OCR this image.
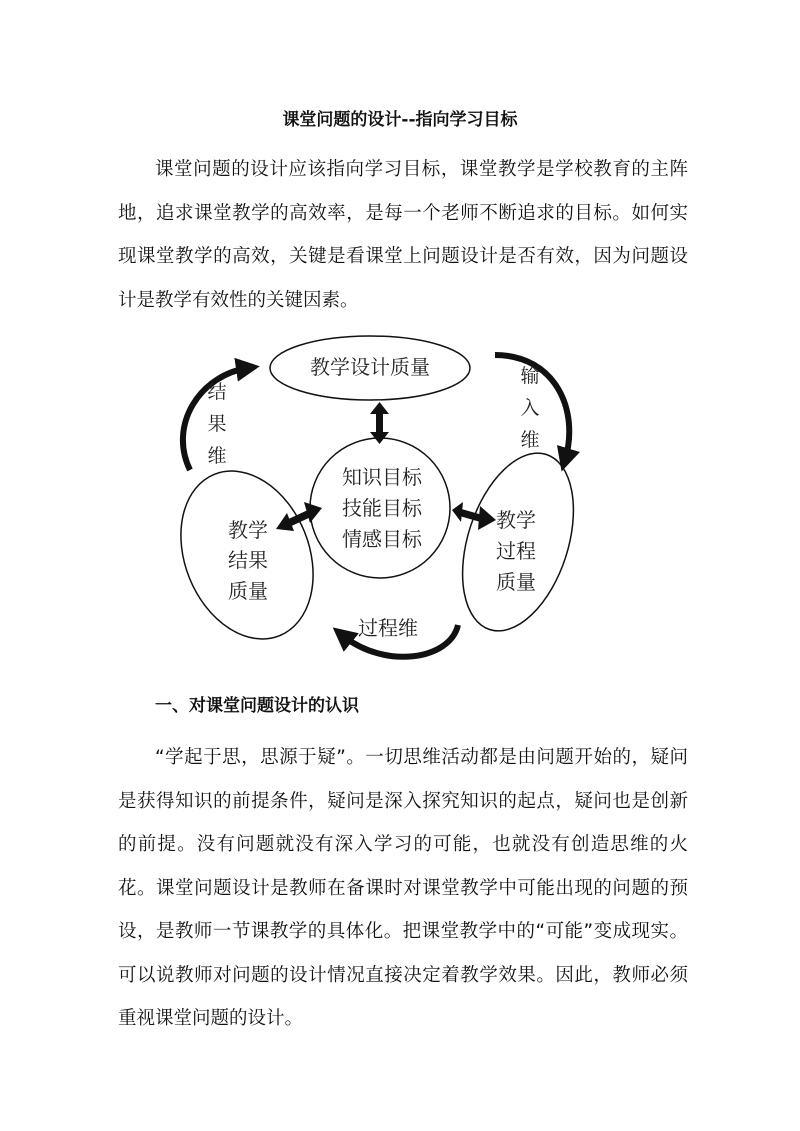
课堂问题的设计--指向学习目标

课堂问题的设计应该指向学习目标，课堂教学是学校教育的主阵地，追求课堂教学的高效率，是每一个老师不断追求的目标。如何实现课堂教学的高效，关键是看课堂上问题设计是否有效，因为问题设计是教学有效性的关键因素。

教学设计质量
知识目标
技能目标
情感目标
教学
结果
质量
教学
过程
质量
结
果
维
输
入
维
过程维
一、对课堂问题设计的认识

“学起于思，思源于疑”。一切思维活动都是由问题开始的，疑问是获得知识的前提条件，疑问是深入探究知识的起点，疑问也是创新的前提。没有问题就没有深入学习的可能，也就没有创造思维的火花。课堂问题设计是教师在备课时对课堂教学中可能出现的问题的预设，是教师一节课教学的具体化。把课堂教学中的“可能”变成现实。可以说教师对问题的设计情况直接决定着教学效果。因此，教师必须重视课堂问题的设计。
